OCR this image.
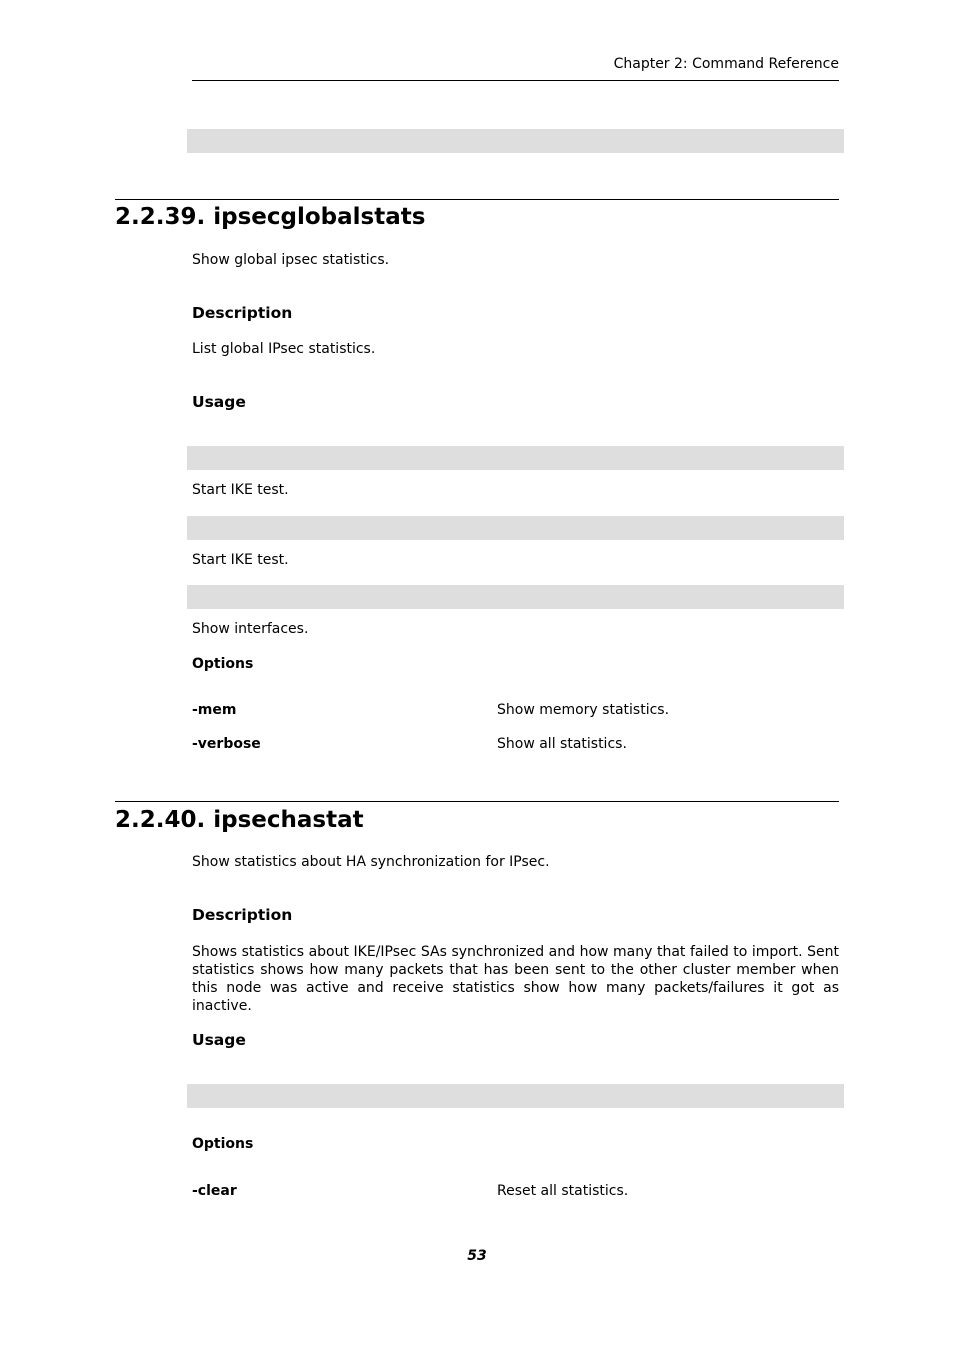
Chapter 2: Command Reference
2.2.39. ipsecglobalstats
Show global ipsec statistics.
Description
List global IPsec statistics.
Usage
Start IKE test.
Start IKE test.
Show interfaces.
Options
-mem	Show memory statistics.
-verbose	Show all statistics.
2.2.40. ipsechastat
Show statistics about HA synchronization for IPsec.
Description
Shows statistics about IKE/IPsec SAs synchronized and how many that failed to import. Sent statistics shows how many packets that has been sent to the other cluster member when this node was active and receive statistics show how many packets/failures it got as inactive.
Usage
Options
-clear	Reset all statistics.
53
